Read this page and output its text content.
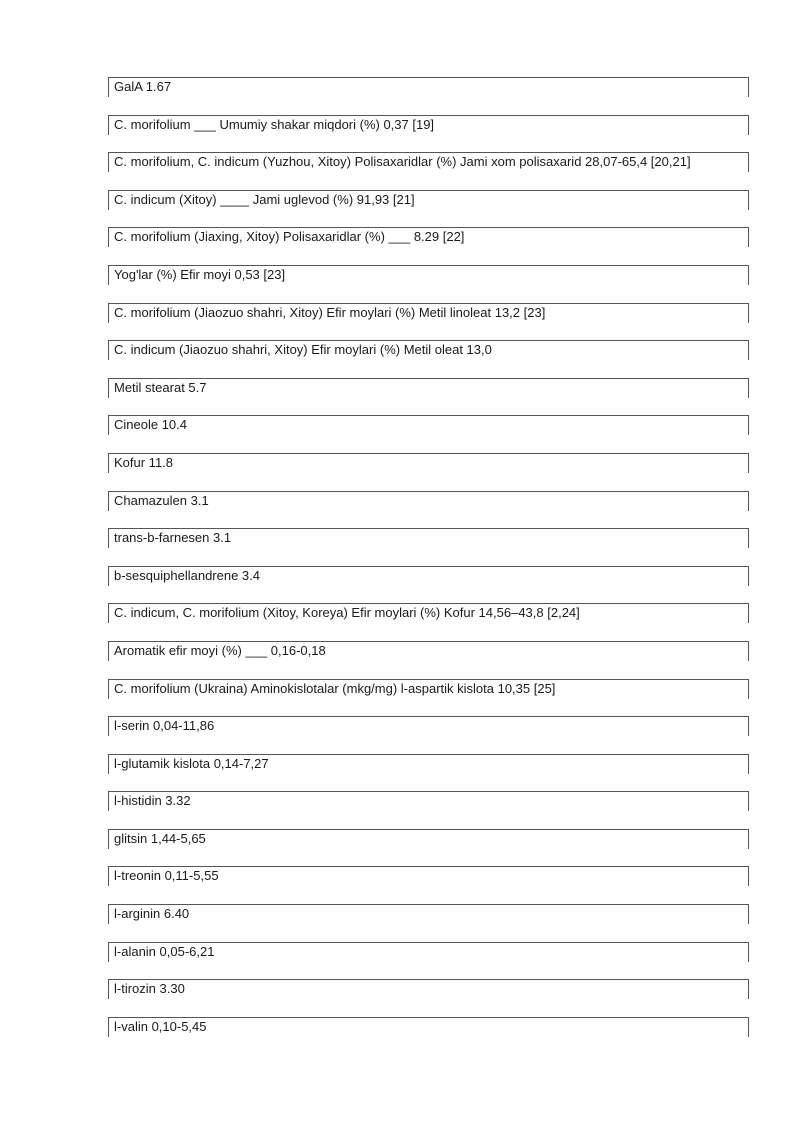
GalA 1.67
C. morifolium ___ Umumiy shakar miqdori (%) 0,37 [19]
C. morifolium, C. indicum (Yuzhou, Xitoy) Polisaxaridlar (%) Jami xom polisaxarid 28,07-65,4 [20,21]
C. indicum (Xitoy) ____ Jami uglevod (%) 91,93 [21]
C. morifolium (Jiaxing, Xitoy) Polisaxaridlar (%) ___ 8.29 [22]
Yog'lar (%) Efir moyi 0,53 [23]
C. morifolium (Jiaozuo shahri, Xitoy) Efir moylari (%) Metil linoleat 13,2 [23]
C. indicum (Jiaozuo shahri, Xitoy) Efir moylari (%) Metil oleat 13,0
Metil stearat 5.7
Cineole 10.4
Kofur 11.8
Chamazulen 3.1
trans-b-farnesen 3.1
b-sesquiphellandrene 3.4
C. indicum, C. morifolium (Xitoy, Koreya) Efir moylari (%) Kofur 14,56–43,8 [2,24]
Aromatik efir moyi (%) ___ 0,16-0,18
C. morifolium (Ukraina) Aminokislotalar (mkg/mg) l-aspartik kislota 10,35 [25]
l-serin 0,04-11,86
l-glutamik kislota 0,14-7,27
l-histidin 3.32
glitsin 1,44-5,65
l-treonin 0,11-5,55
l-arginin 6.40
l-alanin 0,05-6,21
l-tirozin 3.30
l-valin 0,10-5,45
